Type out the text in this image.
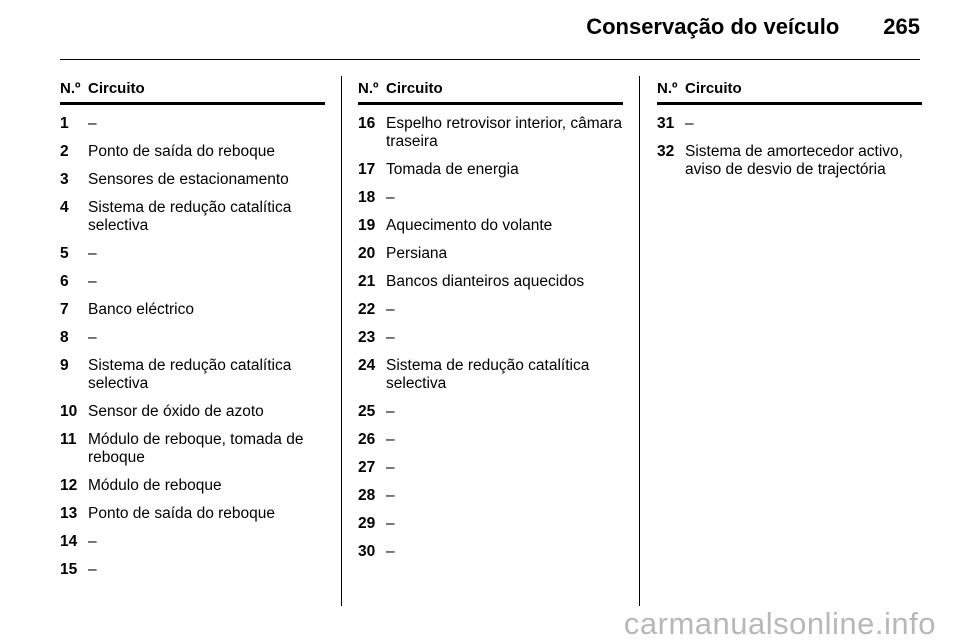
Conservação do veículo 265
N.º Circuito
1	–
2	Ponto de saída do reboque
3	Sensores de estacionamento
4	Sistema de redução catalítica selectiva
5	–
6	–
7	Banco eléctrico
8	–
9	Sistema de redução catalítica selectiva
10 Sensor de óxido de azoto
11 Módulo de reboque, tomada de reboque
12 Módulo de reboque
13 Ponto de saída do reboque
14 –
15 –
N.º Circuito
16 Espelho retrovisor interior, câmara traseira
17 Tomada de energia
18 –
19 Aquecimento do volante
20 Persiana
21 Bancos dianteiros aquecidos
22 –
23 –
24 Sistema de redução catalítica selectiva
25 –
26 –
27 –
28 –
29 –
30 –
N.º Circuito
31 –
32 Sistema de amortecedor activo, aviso de desvio de trajectória
carmanualsonline.info
